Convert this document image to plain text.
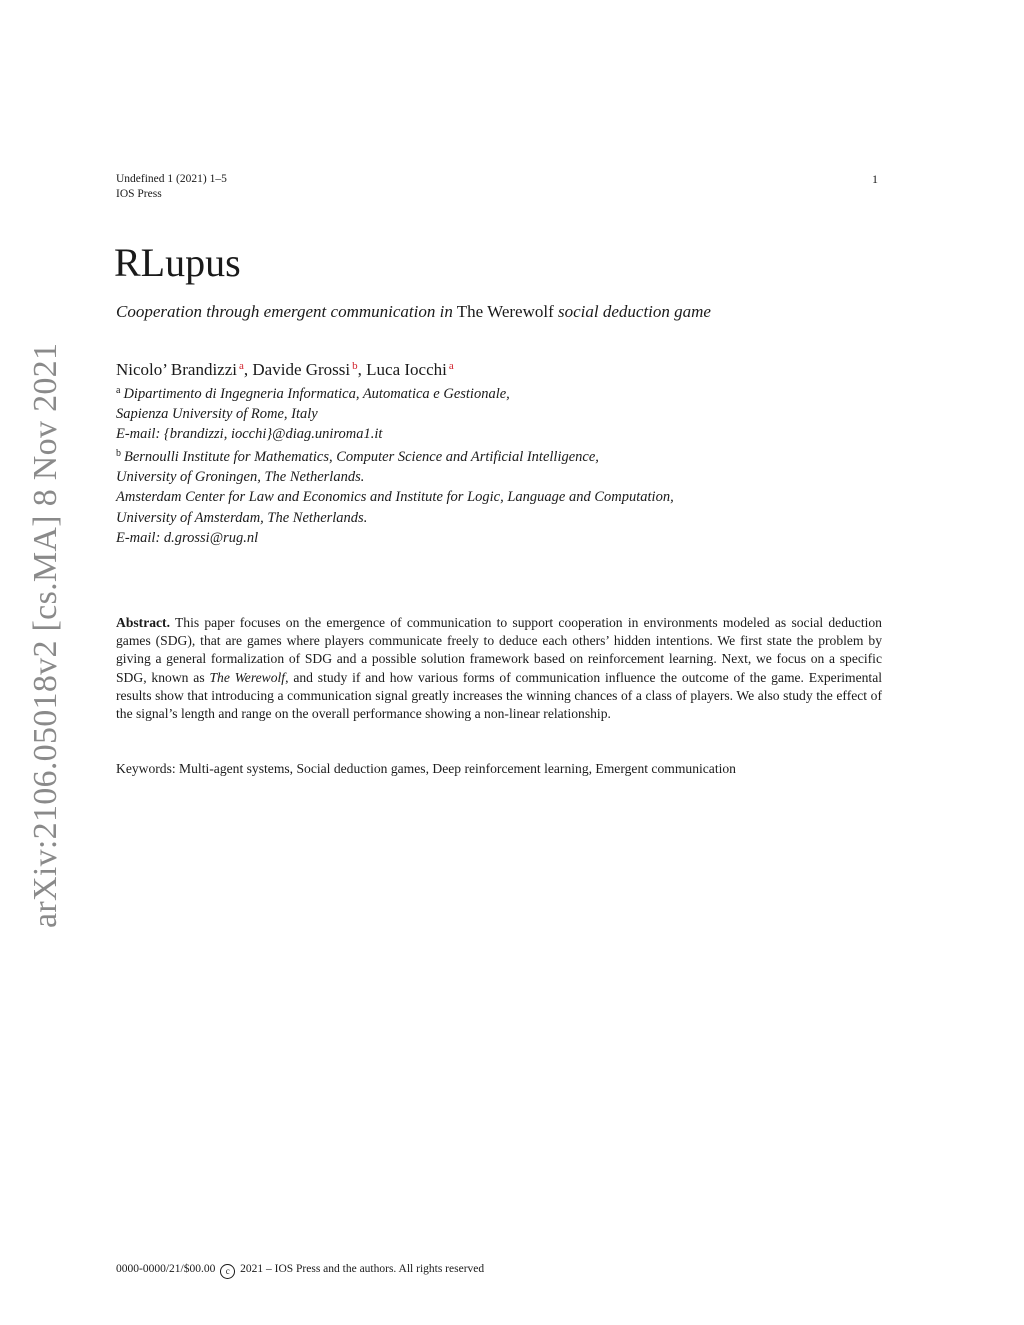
Undefined 1 (2021) 1–5
IOS Press
1
arXiv:2106.05018v2 [cs.MA] 8 Nov 2021
RLupus
Cooperation through emergent communication in The Werewolf social deduction game
Nicolo’ Brandizzi $^a$, Davide Grossi $^b$, Luca Iocchi $^a$
$^a$ Dipartimento di Ingegneria Informatica, Automatica e Gestionale,
Sapienza University of Rome, Italy
E-mail: {brandizzi, iocchi}@diag.uniroma1.it
$^b$ Bernoulli Institute for Mathematics, Computer Science and Artificial Intelligence,
University of Groningen, The Netherlands.
Amsterdam Center for Law and Economics and Institute for Logic, Language and Computation,
University of Amsterdam, The Netherlands.
E-mail: d.grossi@rug.nl
Abstract. This paper focuses on the emergence of communication to support cooperation in environments modeled as social deduction games (SDG), that are games where players communicate freely to deduce each others’ hidden intentions. We first state the problem by giving a general formalization of SDG and a possible solution framework based on reinforcement learning. Next, we focus on a specific SDG, known as The Werewolf, and study if and how various forms of communication influence the outcome of the game. Experimental results show that introducing a communication signal greatly increases the winning chances of a class of players. We also study the effect of the signal’s length and range on the overall performance showing a non-linear relationship.
Keywords: Multi-agent systems, Social deduction games, Deep reinforcement learning, Emergent communication
0000-0000/21/$00.00 c 2021 – IOS Press and the authors. All rights reserved
